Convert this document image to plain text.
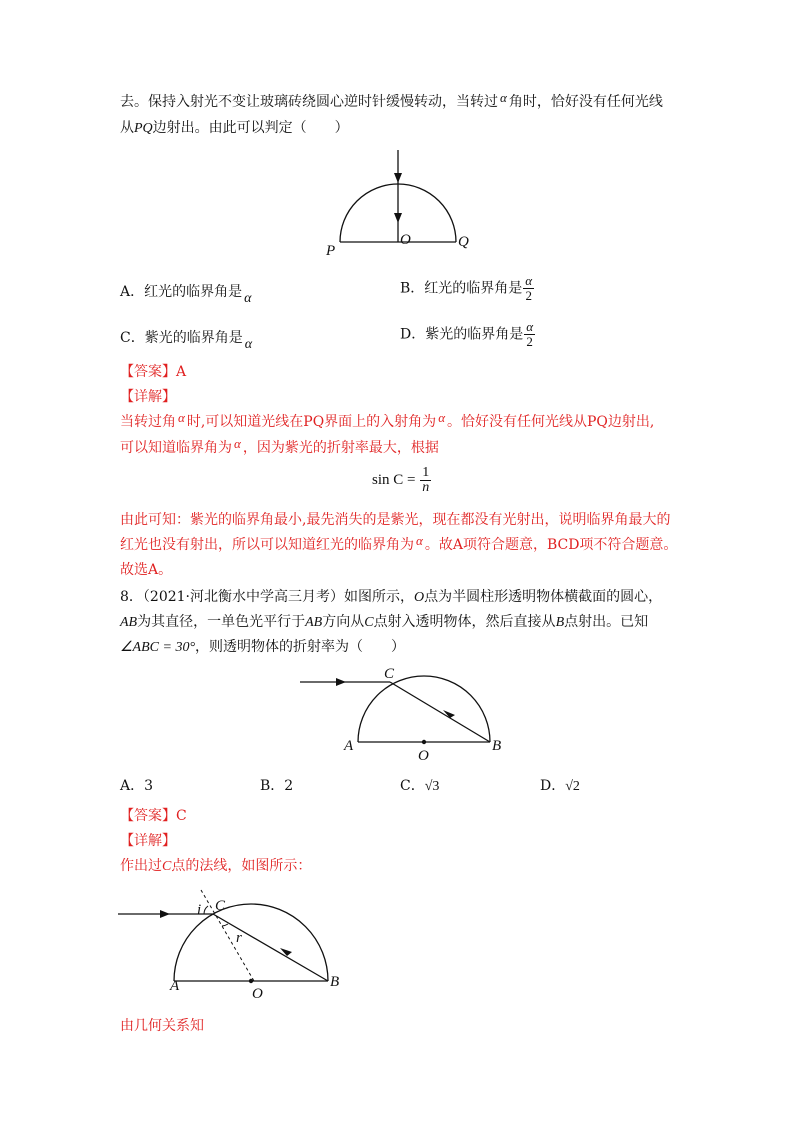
去。保持入射光不变让玻璃砖绕圆心逆时针缓慢转动，当转过 α 角时，恰好没有任何光线
从PQ边射出。由此可以判定（　　）
P
O	Q
A．红光的临界角是 α
B．红光的临界角是 $\frac{\alpha}{2}$
C．紫光的临界角是 α
D．紫光的临界角是 $\frac{\alpha}{2}$
【答案】A
【详解】
当转过角 α 时,可以知道光线在PQ界面上的入射角为 α 。恰好没有任何光线从PQ边射出,
可以知道临界角为 α ，因为紫光的折射率最大，根据
$\sin C = \frac{1}{n}$
由此可知：紫光的临界角最小,最先消失的是紫光，现在都没有光射出，说明临界角最大的
红光也没有射出，所以可以知道红光的临界角为 α 。故A项符合题意，BCD项不符合题意。
故选A。
8．（2021·河北衡水中学高三月考）如图所示，O点为半圆柱形透明物体横截面的圆心，
AB为其直径，一单色光平行于AB方向从C点射入透明物体，然后直接从B点射出。已知
∠ABC = 30°，则透明物体的折射率为（　　）
C
A
O
B
A．3	B．2	C．√3	D．√2
【答案】C
【详解】
作出过C点的法线，如图所示：
i C
r
A	O
B
由几何关系知
